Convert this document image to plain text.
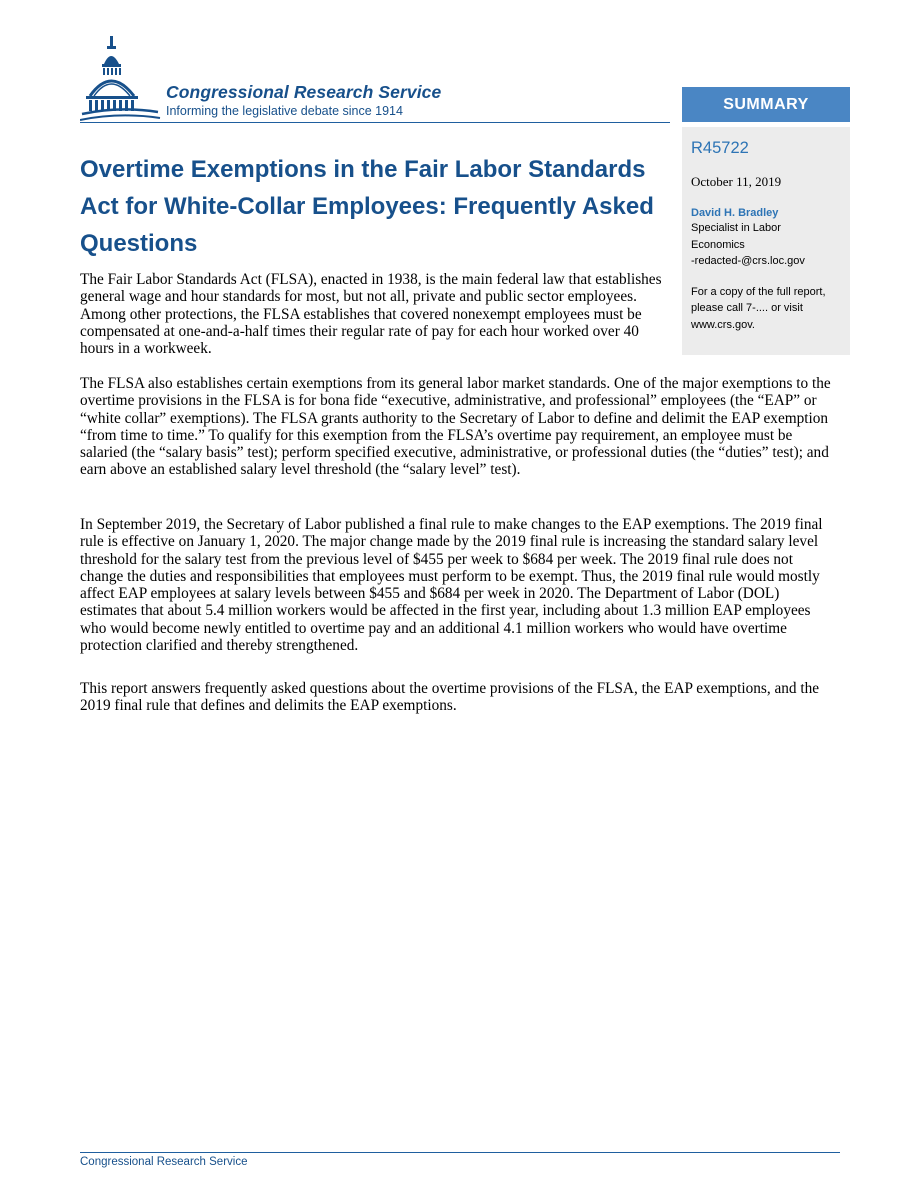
Congressional Research Service

Informing the legislative debate since 1914	SUMMARY

R45722

October 11, 2019

David H. Bradley

Specialist in Labor

Economics

-redacted-@crs.loc.gov

For a copy of the full report,

please call 7-.... or visit

www.crs.gov.

Overtime Exemptions in the Fair Labor Standards Act for White-Collar Employees: Frequently Asked Questions

The Fair Labor Standards Act (FLSA), enacted in 1938, is the main federal law that establishes general wage and hour standards for most, but not all, private and public sector employees. Among other protections, the FLSA establishes that covered nonexempt employees must be compensated at one-and-a-half times their regular rate of pay for each hour worked over 40 hours in a workweek.

The FLSA also establishes certain exemptions from its general labor market standards. One of the major exemptions to the overtime provisions in the FLSA is for bona fide “executive, administrative, and professional” employees (the “EAP” or “white collar” exemptions). The FLSA grants authority to the Secretary of Labor to define and delimit the EAP exemption “from time to time.” To qualify for this exemption from the FLSA’s overtime pay requirement, an employee must be salaried (the “salary basis” test); perform specified executive, administrative, or professional duties (the “duties” test); and earn above an established salary level threshold (the “salary level” test).

In September 2019, the Secretary of Labor published a final rule to make changes to the EAP exemptions. The 2019 final rule is effective on January 1, 2020. The major change made by the 2019 final rule is increasing the standard salary level threshold for the salary test from the previous level of $455 per week to $684 per week. The 2019 final rule does not change the duties and responsibilities that employees must perform to be exempt. Thus, the 2019 final rule would mostly affect EAP employees at salary levels between $455 and $684 per week in 2020. The Department of Labor (DOL) estimates that about 5.4 million workers would be affected in the first year, including about 1.3 million EAP employees who would become newly entitled to overtime pay and an additional 4.1 million workers who would have overtime protection clarified and thereby strengthened.

This report answers frequently asked questions about the overtime provisions of the FLSA, the EAP exemptions, and the 2019 final rule that defines and delimits the EAP exemptions.

Congressional Research Service
